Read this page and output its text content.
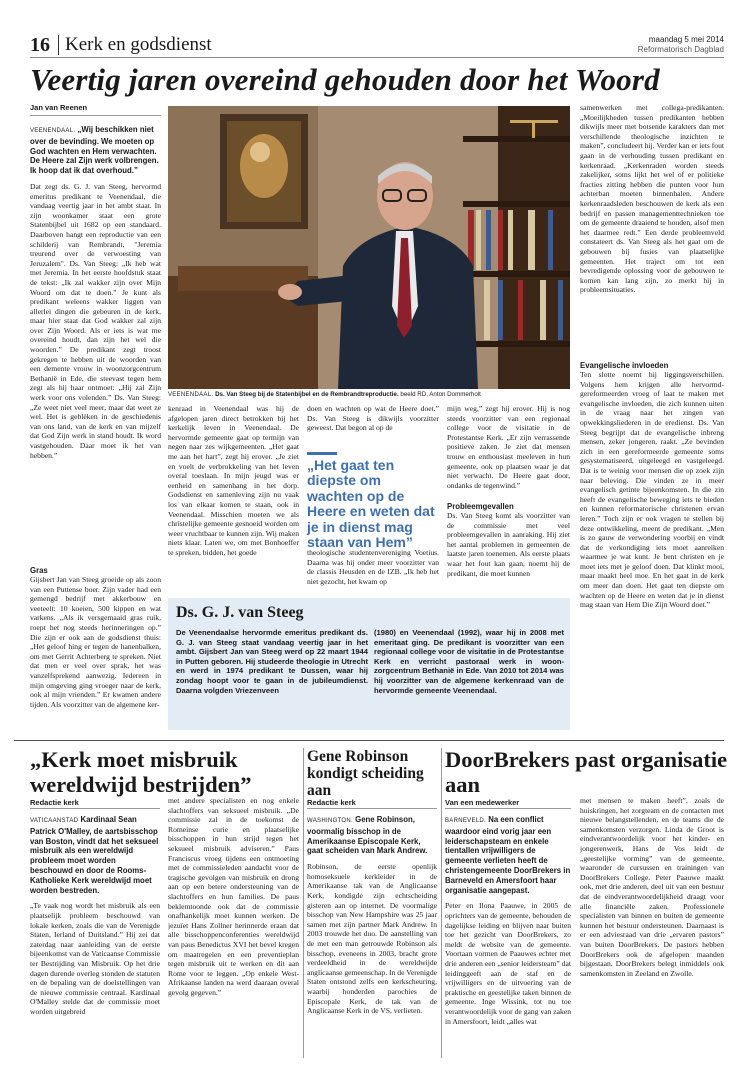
16 Kerk en godsdienst	maandag 5 mei 2014
Reformatorisch Dagblad
Veertig jaren overeind gehouden door het Woord
Jan van Reenen
VEENENDAAL. „Wij beschikken niet over de bevinding. We moeten op God wachten en Hem verwachten. De Heere zal Zijn werk volbrengen. Ik hoop dat ik dat overhoud.”
Dat zegt ds. G. J. van Steeg, hervormd emeritus predikant te Veenendaal, die vandaag veertig jaar in het ambt staat. In zijn woonkamer staat een grote Statenbijbel uit 1682 op een standaard. Daarboven hangt een reproductie van een schilderij van Rembrandt, "Jeremia treurend over de verwoesting van Jeruzalem". Ds. Van Steeg: „Ik heb wat met Jeremia. In het eerste hoofdstuk staat de tekst: „Ik zal wakker zijn over Mijn Woord om dat te doen.” Je kunt als predikant weleens wakker liggen van allerlei dingen die gebeuren in de kerk, maar hier staat dat God wakker zal zijn over Zijn Woord. Als er iets is wat me overeind houdt, dan zijn het wel die woorden.” De predikant zegt troost gekregen te hebben uit de woorden van een demente vrouw in woonzorgcentrum Bethanië in Ede, die steevast tegen hem zegt als hij haar ontmoet: „Hij zal Zijn werk voor ons volenden.” Ds. Van Steeg: „Ze weet niet veel meer, maar dat weet ze wel. Het is geblèken in de geschiedenis van ons land, van de kerk en van mijzelf dat God Zijn werk in stand houdt. Ik word vastgehouden. Daar moet ik het van hebben.”
Gras
Gijsbert Jan van Steeg groeide op als zoon van een Puttense boer. Zijn vader had een gemengd bedrijf met akkerbouw en veeteelt: 10 koeien, 500 kippen en wat varkens. „Als ik versgemaaid gras ruik, roept het nog steeds herinneringen op.” Die zijn er ook aan de godsdienst thuis: „Het geloof hing er tegen de hanenbalken, om met Gerrit Achterberg te spreken. Niet dat men er veel over sprak, het was vanzelfsprekend aanwezig. Iedereen in mijn omgeving ging vroeger naar de kerk, ook al mijn vrienden.” Er kwamen andere tijden. Als voorzitter van de algemene ker-
VEENENDAAL. Ds. Van Steeg bij de Statenbijbel en de Rembrandtreproductie. beeld RD, Anton Dommerholt
kenraad in Veenendaal was hij de afgelopen jaren direct betrokken bij het kerkelijk leven in Veenendaal. De hervormde gemeente gaat op termijn van negen naar zes wijkgemeenten. „Het gaat me aan het hart”, zegt hij erover. „Je ziet en voelt de verbrokkeling van het leven overal toeslaan. In mijn jeugd was er eenheid en samenhang in het dorp. Godsdienst en samenleving zijn nu vaak los van elkaar komen te staan, ook in Veenendaal. Misschien moeten we als christelijke gemeente gesnoeid worden om weer vruchtbaar te kunnen zijn. Wij maken niets klaar. Laten we, om met Bonhoeffer te spreken, bidden, het goede
doen en wachten op wat de Heere doet.” Ds. Van Steeg is dikwijls voorzitter geweest. Dat begon al op de
„Het gaat ten diepste om wachten op de Heere en weten dat je in dienst mag staan van Hem”
theologische studentenvereniging Voetius. Daarna was hij onder meer voorzitter van de classis Heusden en de IZB. „Ik heb het niet gezocht, het kwam op
mijn weg,” zegt hij erover. Hij is nog steeds voorzitter van een regionaal college voor de visitatie in de Protestantse Kerk. „Er zijn verrassende positieve zaken. Je ziet dat mensen trouw en enthousiast meeleven in hun gemeente, ook op plaatsen waar je dat niet verwacht. De Heere gaat door, ondanks de tegenwind.”
Probleemgevallen
Ds. Van Steeg komt als voorzitter van de commissie met veel probleemgevallen in aanraking. Hij ziet het aantal problemen in gemeenten de laatste jaren toenemen. Als eerste plaats waar het fout kan gaan, noemt hij de predikant, die moet kunnen
samenwerken met collega-predikanten. „Moeilijkheden tussen predikanten hebben dikwijls meer met botsende karakters dan met verschillende theologische inzichten te maken”, concludeert hij. Verder kan er iets fout gaan in de verhouding tussen predikant en kerkenraad. „Kerkenraden worden steeds zakelijker, soms lijkt het wel of er politieke fracties zitting hebben die punten voor hun achterban moeten binnenhalen. Andere kerkenraadsleden beschouwen de kerk als een bedrijf en passen managementtechnieken toe om de gemeente draaiend te houden, alsof men het daarmee redt.” Een derde probleemveld constateert ds. Van Steeg als het gaat om de gebouwen bij fusies van plaatselijke gemeenten. Het traject om tot een bevredigende oplossing voor de gebouwen te komen kan lang zijn, zo merkt hij in probleemsituaties.
Evangelische invloeden
Ten slotte noemt hij liggingsverschillen. Volgens hem krijgen alle hervormd-gereformeerden vroeg of laat te maken met evangelische invloeden, die zich kunnen uiten in de vraag naar het zingen van opwekkingsliederen in de eredienst. Ds. Van Steeg begrijpt dat de evangelische inbreng mensen, zeker jongeren, raakt. „Ze bevinden zich in een gereformeerde gemeente soms gesystematiseerd, uitgeleegd en vastgeleegd. Dat is te weinig voor mensen die op zoek zijn naar beleving. Die vinden ze in meer evangelisch getinte bijeenkomsten. In die zin heeft de evangelische beweging iets te bieden en kunnen reformatorische christenen ervan leren.” Toch zijn er ook vragen te stellen bij deze ontwikkeling, meent de predikant. „Men is zo gauw de verwondering voorbij en vindt dat de verkondiging iets moet aanreiken waarmee je wat kunt. Je bent christen en je moet iets met je geloof doen. Dat klinkt mooi, maar maakt heel moe. En het gaat in de kerk om meer dan doen. Het gaat ten diepste om wachten op de Heere en weten dat je in dienst mag staan van Hem Die Zijn Woord doet.”
Ds. G. J. van Steeg
De Veenendaalse hervormde emeritus predikant ds. G. J. van Steeg staat vandaag veertig jaar in het ambt. Gijsbert Jan van Steeg werd op 22 maart 1944 in Putten geboren. Hij studeerde theologie in Utrecht en werd in 1974 predikant te Dussen, waar hij zondag hoopt voor te gaan in de jubileumdienst. Daarna volgden Vriezenveen
(1980) en Veenendaal (1992), waar hij in 2008 met emeritaat ging. De predikant is voorzitter van een regionaal college voor de visitatie in de Protestantse Kerk en verricht pastoraal werk in woon-zorgcentrum Bethanië in Ede. Van 2010 tot 2014 was hij voorzitter van de algemene kerkenraad van de hervormde gemeente Veenendaal.
„Kerk moet misbruik wereldwijd bestrijden”
Redactie kerk
VATICAANSTAD Kardinaal Sean Patrick O'Malley, de aartsbisschop van Boston, vindt dat het seksueel misbruik als een wereldwijd probleem moet worden beschouwd en door de Rooms-Katholieke Kerk wereldwijd moet worden bestreden.
„Te vaak nog wordt het misbruik als een plaatselijk probleem beschouwd van lokale kerken, zoals die van de Verenigde Staten, Ierland of Duitsland.” Hij zei dat zaterdag naar aanleiding van de eerste bijeenkomst van de Vaticaanse Commissie ter Bestrijding van Misbruik. Op het drie dagen durende overleg stonden de statuten en de bepaling van de doelstellingen van de nieuwe commissie centraal. Kardinaal O'Malley stelde dat de commissie moet worden uitgebreid
met andere specialisten en nog enkele slachtoffers van seksueel misbruik. „De commissie zal in de toekomst de Romeinse curie en plaatselijke bisschoppen in hun strijd tegen het seksueel misbruik adviseren.” Paus Franciscus vroeg tijdens een ontmoeting met de commissieleden aandacht voor de tragische gevolgen van misbruik en drong aan op een betere ondersteuning van de slachtoffers en hun families. De paus beklemtoonde ook dat de commissie onafhankelijk moet kunnen werken. De jezuïet Hans Zollner herinnerde eraan dat alle bisschoppenconferenties wereldwijd van paus Benedictus XVI het bevel kregen om maatregelen en een preventieplan tegen misbruik uit te werken en dit aan Rome voor te leggen. „Op enkele West-Afrikaanse landen na werd daaraan overal gevolg gegeven.”
Gene Robinson kondigt scheiding aan
Redactie kerk
WASHINGTON. Gene Robinson, voormalig bisschop in de Amerikaanse Episcopale Kerk, gaat scheiden van Mark Andrew.
Robinson, de eerste openlijk homoseksuele kerkleider in de Amerikaanse tak van de Anglicaanse Kerk, kondigde zijn echtscheiding gisteren aan op internet. De voormalige bisschop van New Hampshire was 25 jaar samen met zijn partner Mark Andrew. In 2003 trouwde het duo. De aanstelling van de met een man getrouwde Robinson als bisschop, eveneens in 2003, bracht grote verdeeldheid in de wereldwijde anglicaanse gemeenschap. In de Verenigde Staten ontstond zelfs een kerkscheuring, waarbij honderden parochies de Episcopale Kerk, de tak van de Anglicaanse Kerk in de VS, verlieten.
DoorBrekers past organisatie aan
Van een medewerker
BARNEVELD. Na een conflict waardoor eind vorig jaar een leiderschapsteam en enkele tientallen vrijwilligers de gemeente verlieten heeft de christengemeente DoorBrekers in Barneveld en Amersfoort haar organisatie aangepast.
Peter en Ilona Paauwe, in 2005 de oprichters van de gemeente, behouden de dagelijkse leiding en blijven naar buiten toe het gezicht van DoorBrekers, zo meldt de website van de gemeente. Voortaan vormen de Paauwes echter met drie anderen een „senior leidersteam” dat leidinggeeft aan de staf en de vrijwilligers en de uitvoering van de praktische en geestelijke taken binnen de gemeente. Inge Wissink, tot nu toe verantwoordelijk voor de gang van zaken in Amersfoort, leidt „alles wat
met mensen te maken heeft”, zoals de huiskringen, het zorgteam en de contacten met nieuwe belangstellenden, en de teams die de samenkomsten verzorgen. Linda de Groot is eindverantwoordelijk voor het kinder- en jongerenwerk, Hans de Vos leidt de „geestelijke vorming” van de gemeente, waaronder de cursussen en trainingen van DoorBrekers College. Peter Paauwe maakt ook, met drie anderen, deel uit van een bestuur dat de eindverantwoordelijkheid draagt voor alle financiële zaken. Professionele specialisten van binnen en buiten de gemeente kunnen het bestuur ondersteunen. Daarnaast is er een adviesraad van drie „ervaren pastors” van buiten DoorBrekers. De pastors hebben DoorBrekers ook de afgelopen maanden bijgestaan. DoorBrekers belegt inmiddels ook samenkomsten in Zeeland en Zwolle.
